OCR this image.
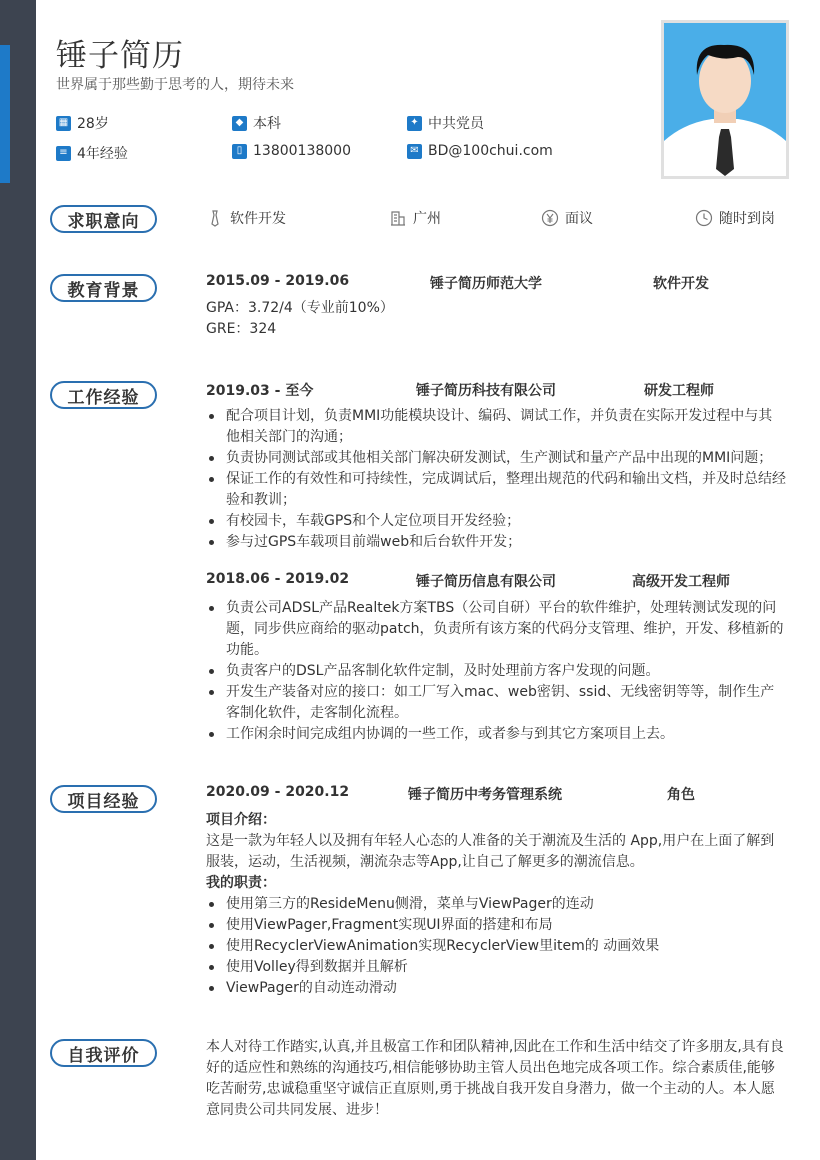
锤子简历
世界属于那些勤于思考的人，期待未来
▦ 28岁	◆ 本科	✦ 中共党员
≡ 4年经验	▯ 13800138000	✉ BD@100chui.com
求职意向	软件开发	广州	面议	随时到岗
教育背景	2015.09 - 2019.06	锤子简历师范大学	软件开发
GPA：3.72/4（专业前10%）
GRE：324
工作经验	2019.03 - 至今	锤子简历科技有限公司	研发工程师
配合项目计划，负责MMI功能模块设计、编码、调试工作，并负责在实际开发过程中与其他相关部门的沟通；
负责协同测试部或其他相关部门解决研发测试，生产测试和量产产品中出现的MMI问题；
保证工作的有效性和可持续性，完成调试后，整理出规范的代码和输出文档，并及时总结经验和教训；
有校园卡，车载GPS和个人定位项目开发经验；
参与过GPS车载项目前端web和后台软件开发；
2018.06 - 2019.02	锤子简历信息有限公司	高级开发工程师
负责公司ADSL产品Realtek方案TBS（公司自研）平台的软件维护，处理转测试发现的问题，同步供应商给的驱动patch，负责所有该方案的代码分支管理、维护，开发、移植新的功能。
负责客户的DSL产品客制化软件定制，及时处理前方客户发现的问题。
开发生产装备对应的接口：如工厂写入mac、web密钥、ssid、无线密钥等等，制作生产客制化软件，走客制化流程。
工作闲余时间完成组内协调的一些工作，或者参与到其它方案项目上去。
项目经验	2020.09 - 2020.12	锤子简历中考务管理系统	角色
项目介绍：
这是一款为年轻人以及拥有年轻人心态的人准备的关于潮流及生活的 App,用户在上面了解到服装，运动，生活视频，潮流杂志等App,让自己了解更多的潮流信息。
我的职责：
使用第三方的ResideMenu侧滑，菜单与ViewPager的连动
使用ViewPager,Fragment实现UI界面的搭建和布局
使用RecyclerViewAnimation实现RecyclerView里item的 动画效果
使用Volley得到数据并且解析
ViewPager的自动连动滑动
自我评价	本人对待工作踏实,认真,并且极富工作和团队精神,因此在工作和生活中结交了许多朋友,具有良好的适应性和熟练的沟通技巧,相信能够协助主管人员出色地完成各项工作。综合素质佳,能够吃苦耐劳,忠诚稳重坚守诚信正直原则,勇于挑战自我开发自身潜力，做一个主动的人。本人愿意同贵公司共同发展、进步！
